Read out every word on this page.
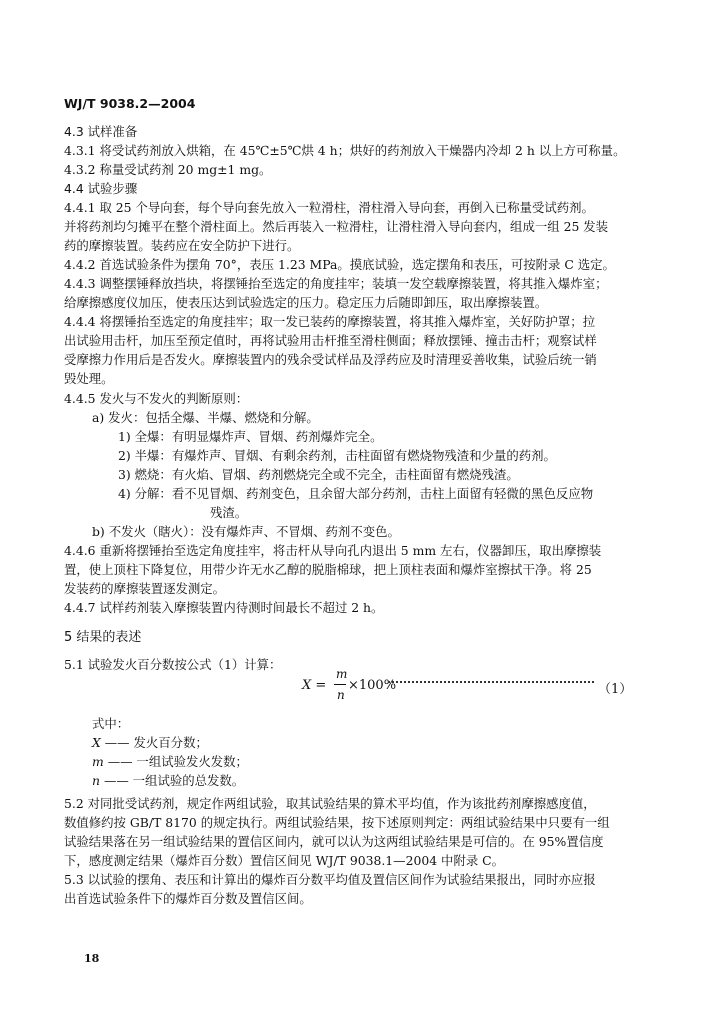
WJ/T 9038.2—2004
4.3 试样准备
4.3.1 将受试药剂放入烘箱，在 45℃±5℃烘 4 h；烘好的药剂放入干燥器内冷却 2 h 以上方可称量。
4.3.2 称量受试药剂 20 mg±1 mg。
4.4 试验步骤
4.4.1 取 25 个导向套，每个导向套先放入一粒滑柱，滑柱滑入导向套，再倒入已称量受试药剂。
并将药剂均匀摊平在整个滑柱面上。然后再装入一粒滑柱，让滑柱滑入导向套内，组成一组 25 发装
药的摩擦装置。装药应在安全防护下进行。
4.4.2 首选试验条件为摆角 70°，表压 1.23 MPa。摸底试验，选定摆角和表压，可按附录 C 选定。
4.4.3 调整摆锤释放挡块，将摆锤抬至选定的角度挂牢；装填一发空载摩擦装置，将其推入爆炸室；
给摩擦感度仪加压，使表压达到试验选定的压力。稳定压力后随即卸压，取出摩擦装置。
4.4.4 将摆锤抬至选定的角度挂牢；取一发已装药的摩擦装置，将其推入爆炸室，关好防护罩；拉
出试验用击杆，加压至预定值时，再将试验用击杆推至滑柱侧面；释放摆锤、撞击击杆；观察试样
受摩擦力作用后是否发火。摩擦装置内的残余受试样品及浮药应及时清理妥善收集，试验后统一销
毁处理。
4.4.5 发火与不发火的判断原则：
a) 发火：包括全爆、半爆、燃烧和分解。
1) 全爆：有明显爆炸声、冒烟、药剂爆炸完全。
2) 半爆：有爆炸声、冒烟、有剩余药剂，击柱面留有燃烧物残渣和少量的药剂。
3) 燃烧：有火焰、冒烟、药剂燃烧完全或不完全，击柱面留有燃烧残渣。
4) 分解：看不见冒烟、药剂变色，且余留大部分药剂，击柱上面留有轻微的黑色反应物
残渣。
b) 不发火（瞎火）：没有爆炸声、不冒烟、药剂不变色。
4.4.6 重新将摆锤抬至选定角度挂牢，将击杆从导向孔内退出 5 mm 左右，仪器卸压，取出摩擦装
置，使上顶柱下降复位，用带少许无水乙醇的脱脂棉球，把上顶柱表面和爆炸室擦拭干净。将 25
发装药的摩擦装置逐发测定。
4.4.7 试样药剂装入摩擦装置内待测时间最长不超过 2 h。
5 结果的表述
5.1 试验发火百分数按公式（1）计算：
X =
m
n
×100%	（1）
式中：
X —— 发火百分数；
m —— 一组试验发火发数；
n —— 一组试验的总发数。
5.2 对同批受试药剂，规定作两组试验，取其试验结果的算术平均值，作为该批药剂摩擦感度值，
数值修约按 GB/T 8170 的规定执行。两组试验结果，按下述原则判定：两组试验结果中只要有一组
试验结果落在另一组试验结果的置信区间内，就可以认为这两组试验结果是可信的。在 95%置信度
下，感度测定结果（爆炸百分数）置信区间见 WJ/T 9038.1—2004 中附录 C。
5.3 以试验的摆角、表压和计算出的爆炸百分数平均值及置信区间作为试验结果报出，同时亦应报
出首选试验条件下的爆炸百分数及置信区间。
18
